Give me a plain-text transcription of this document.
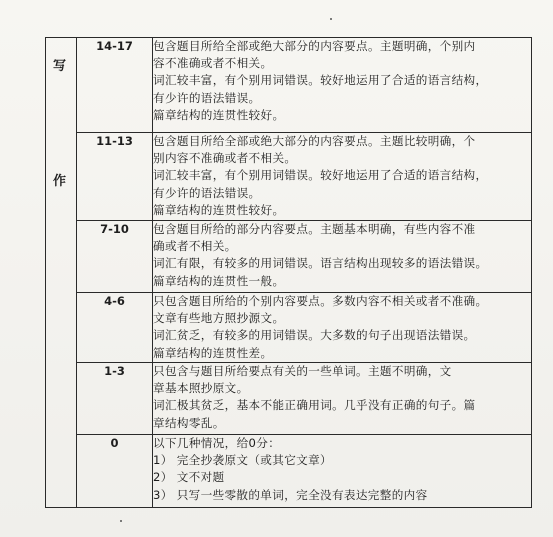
写	14-17	包含题目所给全部或绝大部分的内容要点。主题明确，个别内
容不准确或者不相关。
词汇较丰富，有个别用词错误。较好地运用了合适的语言结构，
有少许的语法错误。
篇章结构的连贯性较好。

作	11-13	包含题目所给全部或绝大部分的内容要点。主题比较明确，个
别内容不准确或者不相关。
词汇较丰富，有个别用词错误。较好地运用了合适的语言结构，
有少许的语法错误。
篇章结构的连贯性较好。

	7-10	包含题目所给的部分内容要点。主题基本明确，有些内容不准
确或者不相关。
词汇有限，有较多的用词错误。语言结构出现较多的语法错误。
篇章结构的连贯性一般。

	4-6	只包含题目所给的个别内容要点。多数内容不相关或者不准确。
文章有些地方照抄源文。
词汇贫乏，有较多的用词错误。大多数的句子出现语法错误。
篇章结构的连贯性差。

	1-3	只包含与题目所给要点有关的一些单词。主题不明确，文
章基本照抄原文。
词汇极其贫乏，基本不能正确用词。几乎没有正确的句子。篇
章结构零乱。

	0	以下几种情况，给0分：
1） 完全抄袭原文（或其它文章）
2） 文不对题
3） 只写一些零散的单词，完全没有表达完整的内容
